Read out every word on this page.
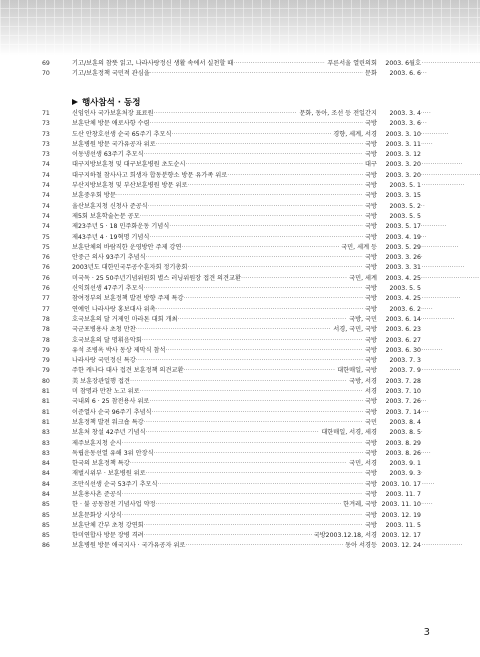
69	기고/보훈의 참뜻 읽고, 나라사랑정신 생활 속에서 실천할 때 ·····	푸른서울 열린의회 2003. 6월호
70	기고/보훈정책 국민적 관심을 ·····	문화 2003. 6. 6
행사참석 · 동정
71	신임인사 국가보훈처장 표료원 ·····	문화, 동아, 조선 등 전일간지 2003. 3. 4
73	보훈단체 방문 애로사항 수렴 ·····	국방 2003. 3. 6
73	도산 안창호선생 순국 65주기 추모식 ·····	경향, 세계, 서경 2003. 3. 10
73	보훈병원 방문 국가유공자 위로 ·····	국방 2003. 3. 11
73	이동냉선생 63주기 추모식 ·····	국방 2003. 3. 12
74	대구지방보훈청 및 대구보훈병원 초도순시 ·····	대구 2003. 3. 20
74	대구지하철 참사사고 희생자 합동분향소 방문 유가족 위로 ·····	국방 2003. 3. 20
74	부산지방보훈청 및 부산보훈병원 방문 위로 ·····	국방 2003. 5. 1
74	보훈중우회 방문 ·····	국방 2003. 3. 15
74	울산보훈지청 신청사 준공식 ·····	국방 2003. 5. 2
74	제5회 보훈학술논문 공모 ·····	국방 2003. 5. 5
74	제23주년 5 · 18 민주화운동 기념식 ·····	국방 2003. 5. 17
75	제43주년 4 · 19혁명 기념식 ·····	국방 2003. 4. 19
75	보훈단체의 바람직한 운영방안 주제 강연 ·····	국민, 세계 등 2003. 5. 29
76	안중근 의사 93주기 추념식 ·····	국방 2003. 3. 26
76	2003년도 대한민국무공수훈자회 정기총회 ·····	국방 2003. 3. 31
76	미국독 · 25 50주년기념위원회 별스 러닝위원장 접견 의견교환 ·····	국민, 세계 2003. 4. 25
76	신익희선생 47주기 추모식 ·····	국방 2003. 5. 5
77	참여정부의 보훈정책 발전 방향 주제 특강 ·····	국방 2003. 4. 25
77	연예인 나라사랑 홍보대사 위촉 ·····	국방 2003. 6. 2
78	호국보훈의 달 거제인 마라톤 대회 개최 ·····	국방, 국민 2003. 6. 14
78	국군포병용사 초청 만찬 ·····	서경, 국민, 국방 2003. 6. 23
78	호국보훈의 달 명휘음악회 ·····	국방 2003. 6. 27
79	유석 조병옥 박사 동상 제막식 참석 ·····	국방 2003. 6. 30
79	나라사랑 국민정신 특강 ·····	국방 2003. 7. 3
79	주한 캐나다 대사 접견 보훈정책 의견교환 ·····	대한매일, 국방 2003. 7. 9
80	美 보훈장관일행 접견 ·····	국방, 서경 2003. 7. 28
81	미 참명과 만찬 노고 위로 ·····	서경 2003. 7. 10
81	국내외 6 · 25 참전용사 위로 ·····	국방 2003. 7. 26
81	이준열사 순국 96주기 추념식 ·····	국방 2003. 7. 14
81	보훈정책 발전 워크숍 특강 ·····	국민 2003. 8. 4
83	보훈처 창설 42주년 기념식 ·····	대한매일, 서경, 세경 2003. 8. 5
83	제주보훈지청 순시 ·····	국방 2003. 8. 29
83	독립운동선열 유해 3위 안장식 ·····	국방 2003. 8. 26
84	한국의 보훈정책 특강 ·····	국민, 서경 2003. 9. 1
84	재벌시위부 · 보훈병원 위로 ·····	국방 2003. 9. 3
84	조만식선생 순국 53주기 추모식 ·····	국방 2003. 10. 17
84	보훈용사촌 준공식 ·····	국방 2003. 11. 7
85	한 · 불 공동참전 기념사업 약정 ·····	한겨레, 국방 2003. 11. 10
85	보훈문화상 시상식 ·····	국방 2003. 12. 19
85	보훈단체 간부 초청 강연회 ·····	국방 2003. 11. 5
85	한미연합사 방문 장병 격려 ·····	국방2003.12.18, 서경 2003. 12. 17
86	보훈병원 방문 애국지사 · 국가유공자 위로 ·····	동아 서경등 2003. 12. 24
3
